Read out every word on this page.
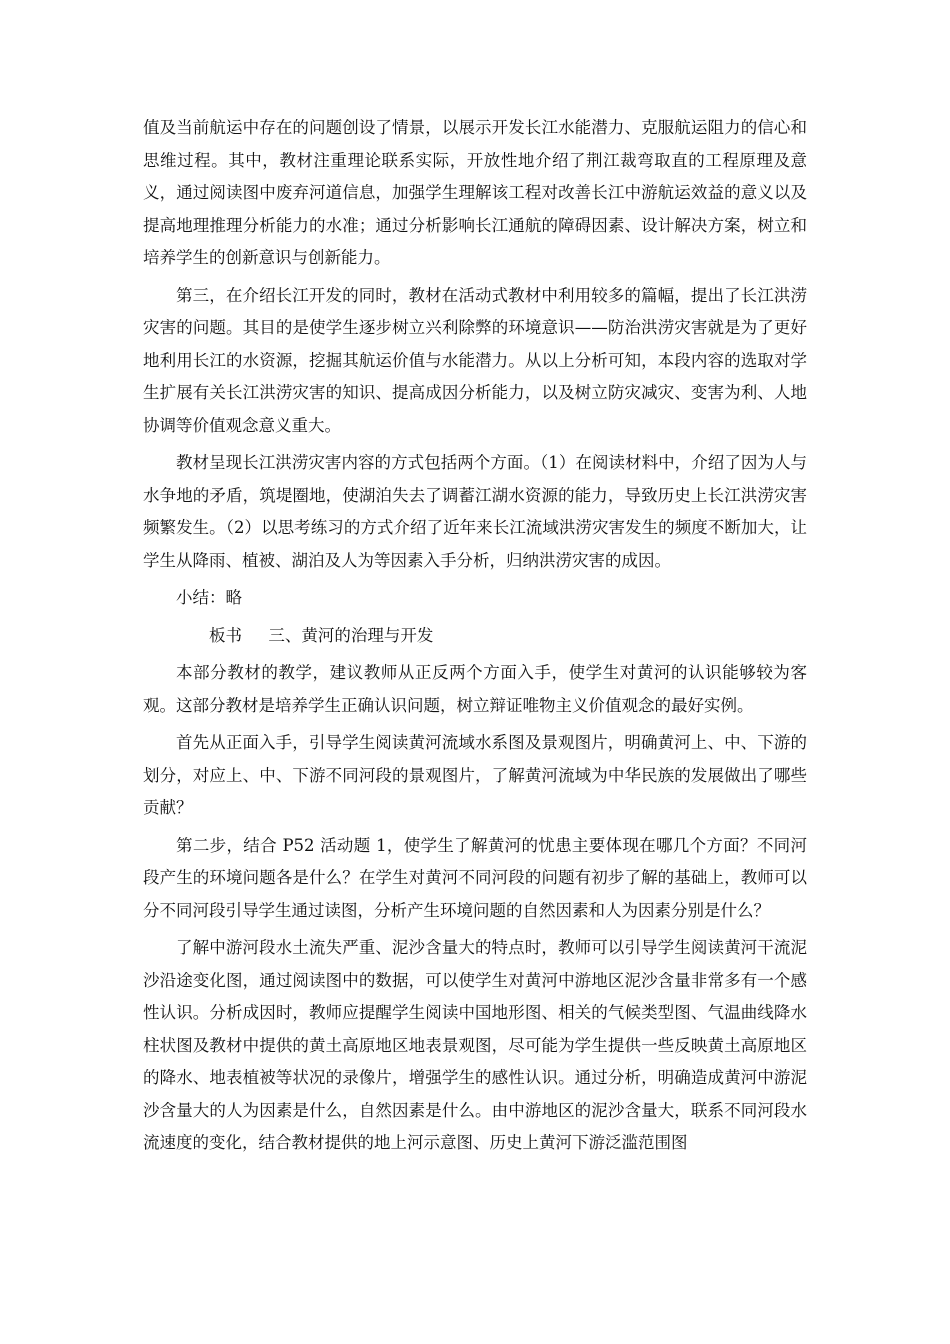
值及当前航运中存在的问题创设了情景，以展示开发长江水能潜力、克服航运阻力的信心和思维过程。其中，教材注重理论联系实际，开放性地介绍了荆江裁弯取直的工程原理及意义，通过阅读图中废弃河道信息，加强学生理解该工程对改善长江中游航运效益的意义以及提高地理推理分析能力的水准；通过分析影响长江通航的障碍因素、设计解决方案，树立和培养学生的创新意识与创新能力。

第三，在介绍长江开发的同时，教材在活动式教材中利用较多的篇幅，提出了长江洪涝灾害的问题。其目的是使学生逐步树立兴利除弊的环境意识——防治洪涝灾害就是为了更好地利用长江的水资源，挖掘其航运价值与水能潜力。从以上分析可知，本段内容的选取对学生扩展有关长江洪涝灾害的知识、提高成因分析能力，以及树立防灾减灾、变害为利、人地协调等价值观念意义重大。

教材呈现长江洪涝灾害内容的方式包括两个方面。（1）在阅读材料中，介绍了因为人与水争地的矛盾，筑堤圈地，使湖泊失去了调蓄江湖水资源的能力，导致历史上长江洪涝灾害频繁发生。（2）以思考练习的方式介绍了近年来长江流域洪涝灾害发生的频度不断加大，让学生从降雨、植被、湖泊及人为等因素入手分析，归纳洪涝灾害的成因。

小结：略

板书 三、黄河的治理与开发

本部分教材的教学，建议教师从正反两个方面入手，使学生对黄河的认识能够较为客观。这部分教材是培养学生正确认识问题，树立辩证唯物主义价值观念的最好实例。

首先从正面入手，引导学生阅读黄河流域水系图及景观图片，明确黄河上、中、下游的划分，对应上、中、下游不同河段的景观图片，了解黄河流域为中华民族的发展做出了哪些贡献？

第二步，结合 P52 活动题 1，使学生了解黄河的忧患主要体现在哪几个方面？不同河段产生的环境问题各是什么？在学生对黄河不同河段的问题有初步了解的基础上，教师可以分不同河段引导学生通过读图，分析产生环境问题的自然因素和人为因素分别是什么？

了解中游河段水土流失严重、泥沙含量大的特点时，教师可以引导学生阅读黄河干流泥沙沿途变化图，通过阅读图中的数据，可以使学生对黄河中游地区泥沙含量非常多有一个感性认识。分析成因时，教师应提醒学生阅读中国地形图、相关的气候类型图、气温曲线降水柱状图及教材中提供的黄土高原地区地表景观图，尽可能为学生提供一些反映黄土高原地区的降水、地表植被等状况的录像片，增强学生的感性认识。通过分析，明确造成黄河中游泥沙含量大的人为因素是什么，自然因素是什么。由中游地区的泥沙含量大，联系不同河段水流速度的变化，结合教材提供的地上河示意图、历史上黄河下游泛滥范围图
